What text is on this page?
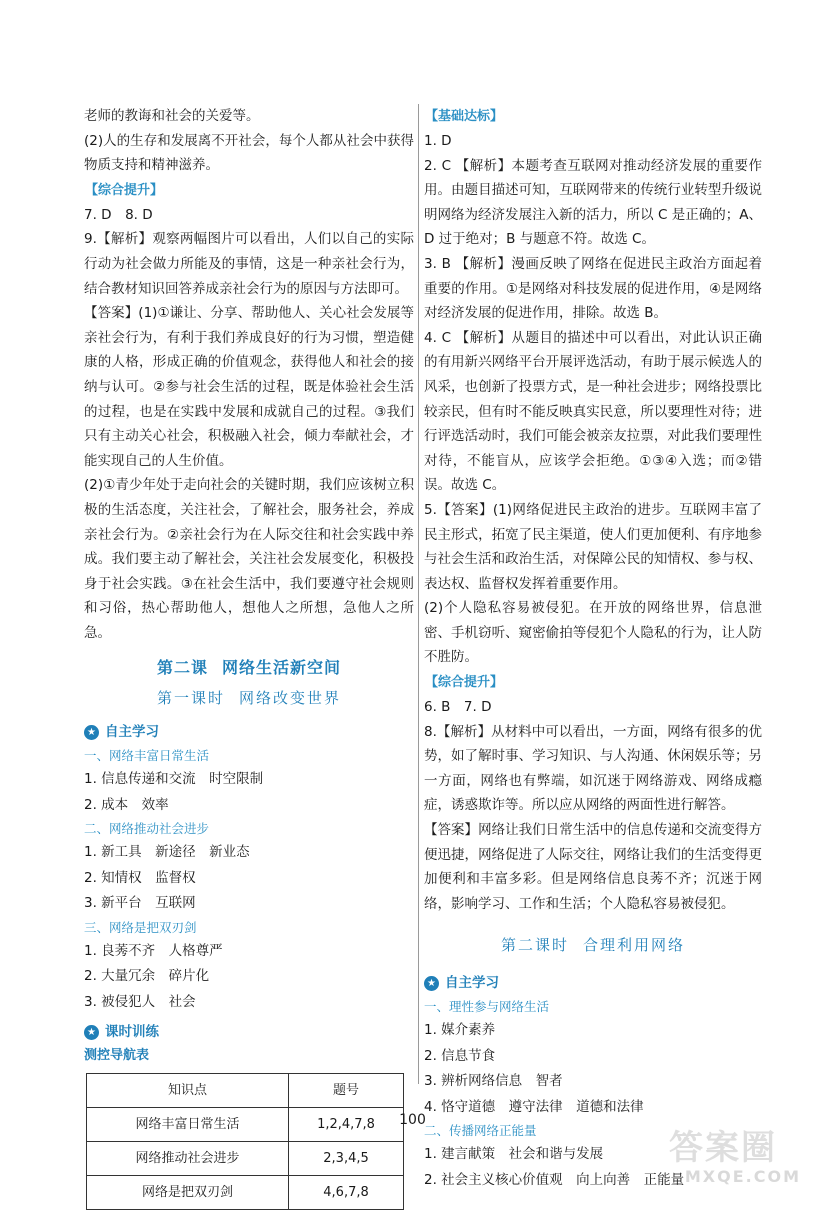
老师的教诲和社会的关爱等。

(2)人的生存和发展离不开社会，每个人都从社会中获得物质支持和精神滋养。

【综合提升】

7. D　8. D

9.【解析】观察两幅图片可以看出，人们以自己的实际行动为社会做力所能及的事情，这是一种亲社会行为，结合教材知识回答养成亲社会行为的原因与方法即可。

【答案】(1)①谦让、分享、帮助他人、关心社会发展等亲社会行为，有利于我们养成良好的行为习惯，塑造健康的人格，形成正确的价值观念，获得他人和社会的接纳与认可。②参与社会生活的过程，既是体验社会生活的过程，也是在实践中发展和成就自己的过程。③我们只有主动关心社会，积极融入社会，倾力奉献社会，才能实现自己的人生价值。

(2)①青少年处于走向社会的关键时期，我们应该树立积极的生活态度，关注社会，了解社会，服务社会，养成亲社会行为。②亲社会行为在人际交往和社会实践中养成。我们要主动了解社会，关注社会发展变化，积极投身于社会实践。③在社会生活中，我们要遵守社会规则和习俗，热心帮助他人，想他人之所想，急他人之所急。

第二课 网络生活新空间
第一课时 网络改变世界
★ 自主学习
一、网络丰富日常生活
1. 信息传递和交流　时空限制
2. 成本　效率
二、网络推动社会进步
1. 新工具　新途径　新业态
2. 知情权　监督权
3. 新平台　互联网
三、网络是把双刃剑
1. 良莠不齐　人格尊严
2. 大量冗余　碎片化
3. 被侵犯人　社会
★ 课时训练
测控导航表
知识点	题号
网络丰富日常生活	1,2,4,7,8
网络推动社会进步	2,3,4,5
网络是把双刃剑	4,6,7,8
【基础达标】

1. D

2. C 【解析】本题考查互联网对推动经济发展的重要作用。由题目描述可知，互联网带来的传统行业转型升级说明网络为经济发展注入新的活力，所以 C 是正确的；A、D 过于绝对；B 与题意不符。故选 C。

3. B 【解析】漫画反映了网络在促进民主政治方面起着重要的作用。①是网络对科技发展的促进作用，④是网络对经济发展的促进作用，排除。故选 B。

4. C 【解析】从题目的描述中可以看出，对此认识正确的有用新兴网络平台开展评选活动，有助于展示候选人的风采，也创新了投票方式，是一种社会进步；网络投票比较亲民，但有时不能反映真实民意，所以要理性对待；进行评选活动时，我们可能会被亲友拉票，对此我们要理性对待，不能盲从，应该学会拒绝。①③④入选；而②错误。故选 C。

5.【答案】(1)网络促进民主政治的进步。互联网丰富了民主形式，拓宽了民主渠道，使人们更加便利、有序地参与社会生活和政治生活，对保障公民的知情权、参与权、表达权、监督权发挥着重要作用。

(2)个人隐私容易被侵犯。在开放的网络世界，信息泄密、手机窃听、窥密偷拍等侵犯个人隐私的行为，让人防不胜防。

【综合提升】

6. B　7. D

8.【解析】从材料中可以看出，一方面，网络有很多的优势，如了解时事、学习知识、与人沟通、休闲娱乐等；另一方面，网络也有弊端，如沉迷于网络游戏、网络成瘾症，诱惑欺诈等。所以应从网络的两面性进行解答。

【答案】网络让我们日常生活中的信息传递和交流变得方便迅捷，网络促进了人际交往，网络让我们的生活变得更加便利和丰富多彩。但是网络信息良莠不齐；沉迷于网络，影响学习、工作和生活；个人隐私容易被侵犯。

第二课时 合理利用网络
★ 自主学习
一、理性参与网络生活
1. 媒介素养
2. 信息节食
3. 辨析网络信息　智者
4. 恪守道德　遵守法律　道德和法律
二、传播网络正能量
1. 建言献策　社会和谐与发展
2. 社会主义核心价值观　向上向善　正能量
100
答案圈
MXQE.COM
